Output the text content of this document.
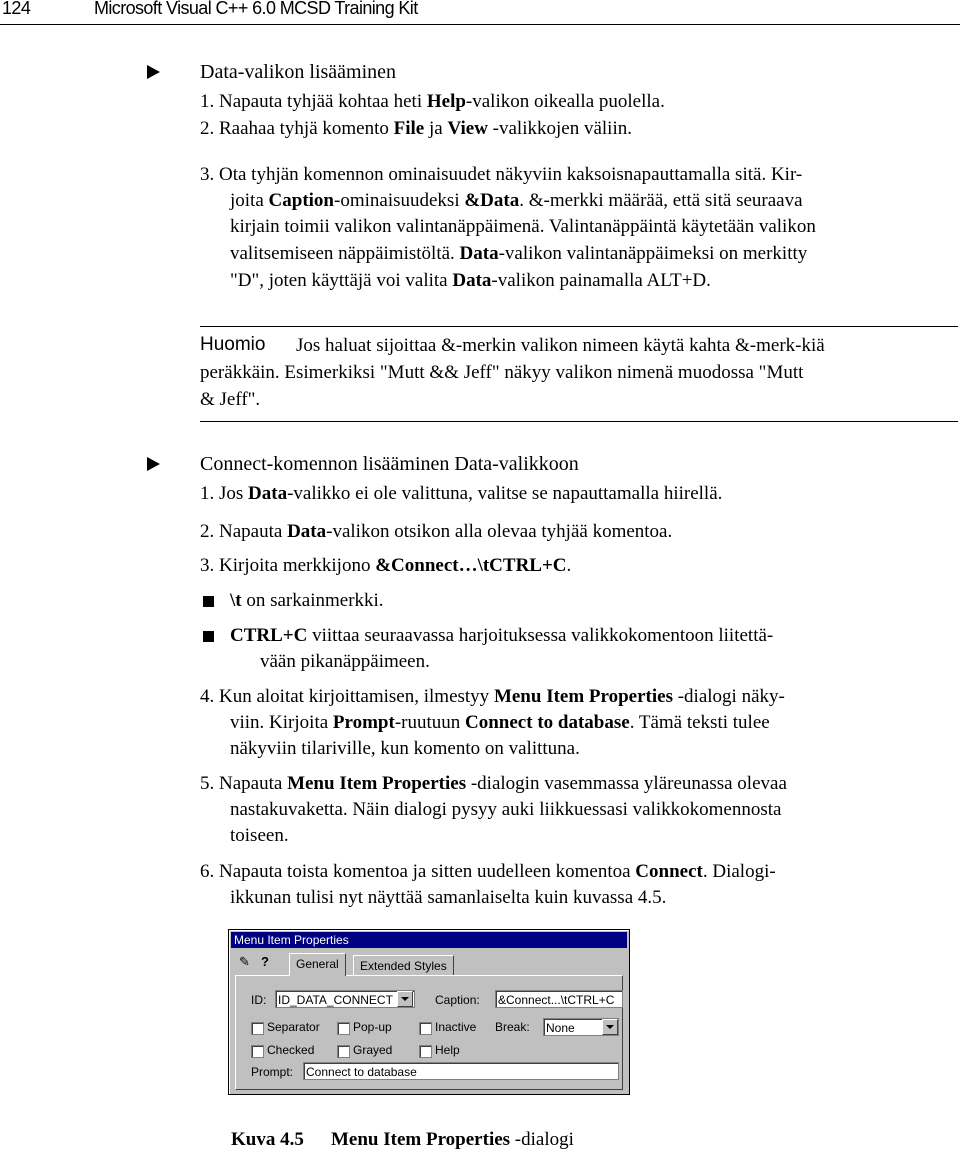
124	Microsoft Visual C++ 6.0 MCSD Training Kit
Data-valikon lisääminen
1. Napauta tyhjää kohtaa heti Help-valikon oikealla puolella.
2. Raahaa tyhjä komento File ja View -valikkojen väliin.
3. Ota tyhjän komennon ominaisuudet näkyviin kaksoisnapauttamalla sitä. Kir-
joita Caption-ominaisuudeksi &Data. &-merkki määrää, että sitä seuraava
kirjain toimii valikon valintanäppäimenä. Valintanäppäintä käytetään valikon
valitsemiseen näppäimistöltä. Data-valikon valintanäppäimeksi on merkitty
"D", joten käyttäjä voi valita Data-valikon painamalla ALT+D.
Huomio Jos haluat sijoittaa &-merkin valikon nimeen käytä kahta &-merk-kiä
peräkkäin. Esimerkiksi "Mutt && Jeff" näkyy valikon nimenä muodossa "Mutt
& Jeff".
Connect-komennon lisääminen Data-valikkoon
1. Jos Data-valikko ei ole valittuna, valitse se napauttamalla hiirellä.
2. Napauta Data-valikon otsikon alla olevaa tyhjää komentoa.
3. Kirjoita merkkijono &Connect…\tCTRL+C.
\t on sarkainmerkki.
CTRL+C viittaa seuraavassa harjoituksessa valikkokomentoon liitettä-
vään pikanäppäimeen.
4. Kun aloitat kirjoittamisen, ilmestyy Menu Item Properties -dialogi näky-
viin. Kirjoita Prompt-ruutuun Connect to database. Tämä teksti tulee
näkyviin tilariville, kun komento on valittuna.
5. Napauta Menu Item Properties -dialogin vasemmassa yläreunassa olevaa
nastakuvaketta. Näin dialogi pysyy auki liikkuessasi valikkokomennosta
toiseen.
6. Napauta toista komentoa ja sitten uudelleen komentoa Connect. Dialogi-
ikkunan tulisi nyt näyttää samanlaiselta kuin kuvassa 4.5.
Menu Item Properties
✎ ?	General	Extended Styles
ID: ID_DATA_CONNECT	Caption: &Connect...\tCTRL+C
Separator	Pop-up	Inactive Break: None
Checked	Grayed	Help
Prompt: Connect to database
Kuva 4.5 Menu Item Properties -dialogi
